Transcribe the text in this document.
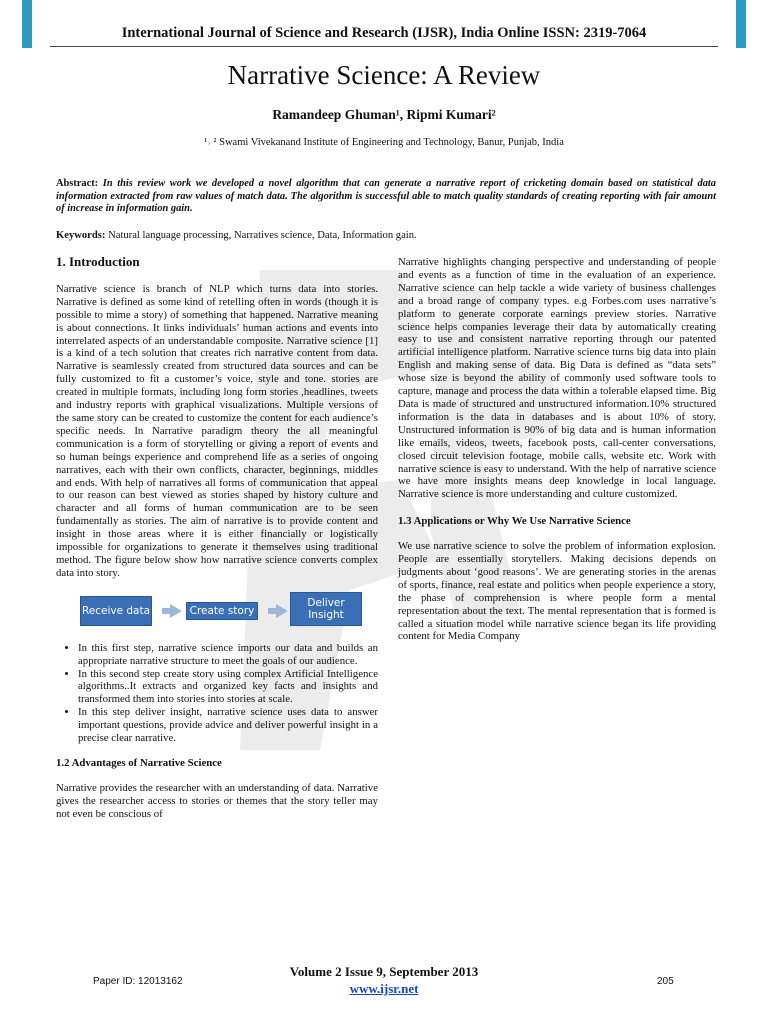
International Journal of Science and Research (IJSR), India Online ISSN: 2319-7064
Narrative Science: A Review
Ramandeep Ghuman¹, Ripmi Kumari²
¹˒ ² Swami Vivekanand Institute of Engineering and Technology, Banur, Punjab, India
Abstract: In this review work we developed a novel algorithm that can generate a narrative report of cricketing domain based on statistical data information extracted from raw values of match data. The algorithm is successful able to match quality standards of creating reporting with fair amount of increase in information gain.
Keywords: Natural language processing, Narratives science, Data, Information gain.

1. Introduction

Narrative science is branch of NLP which turns data into stories. Narrative is defined as some kind of retelling often in words (though it is possible to mime a story) of something that happened. Narrative meaning is about connections. It links individuals’ human actions and events into interrelated aspects of an understandable composite. Narrative science [1] is a kind of a tech solution that creates rich narrative content from data. Narrative is seamlessly created from structured data sources and can be fully customized to fit a customer’s voice, style and tone. stories are created in multiple formats, including long form stories ,headlines, tweets and industry reports with graphical visualizations. Multiple versions of the same story can be created to customize the content for each audience’s specific needs. In Narrative paradigm theory the all meaningful communication is a form of storytelling or giving a report of events and so human beings experience and comprehend life as a series of ongoing narratives, each with their own conflicts, character, beginnings, middles and ends. With help of narratives all forms of communication that appeal to our reason can best viewed as stories shaped by history culture and character and all forms of human communication are to be seen fundamentally as stories. The aim of narrative is to provide content and insight in those areas where it is either financially or logistically impossible for organizations to generate it themselves using traditional method. The figure below show how narrative science converts complex data into story.

Receive data	Create story
Deliver Insight
• In this first step, narrative science imports our data and builds an appropriate narrative structure to meet the goals of our audience.
• In this second step create story using complex Artificial Intelligence algorithms..It extracts and organized key facts and insights and transformed them into stories into stories at scale.
• In this step deliver insight, narrative science uses data to answer important questions, provide advice and deliver powerful insight in a precise clear narrative.

1.2 Advantages of Narrative Science

Narrative provides the researcher with an understanding of data. Narrative gives the researcher access to stories or themes that the story teller may not even be conscious of

Narrative highlights changing perspective and understanding of people and events as a function of time in the evaluation of an experience. Narrative science can help tackle a wide variety of business challenges and a broad range of company types. e.g Forbes.com uses narrative’s platform to generate corporate earnings preview stories. Narrative science helps companies leverage their data by automatically creating easy to use and consistent narrative reporting through our patented artificial intelligence platform. Narrative science turns big data into plain English and making sense of data. Big Data is defined as “data sets” whose size is beyond the ability of commonly used software tools to capture, manage and process the data within a tolerable elapsed time. Big Data is made of structured and unstructured information.10% structured information is the data in databases and is about 10% of story. Unstructured information is 90% of big data and is human information like emails, videos, tweets, facebook posts, call-center conversations, closed circuit television footage, mobile calls, website etc. Work with narrative science is easy to understand. With the help of narrative science we have more insights means deep knowledge in local language. Narrative science is more understanding and culture customized.

1.3 Applications or Why We Use Narrative Science

We use narrative science to solve the problem of information explosion. People are essentially storytellers. Making decisions depends on judgments about ‘good reasons’. We are generating stories in the arenas of sports, finance, real estate and politics when people experience a story, the phase of comprehension is where people form a mental representation about the text. The mental representation that is formed is called a situation model while narrative science began its life providing content for Media Company

Volume 2 Issue 9, September 2013
www.ijsr.net
Paper ID: 12013162	205
